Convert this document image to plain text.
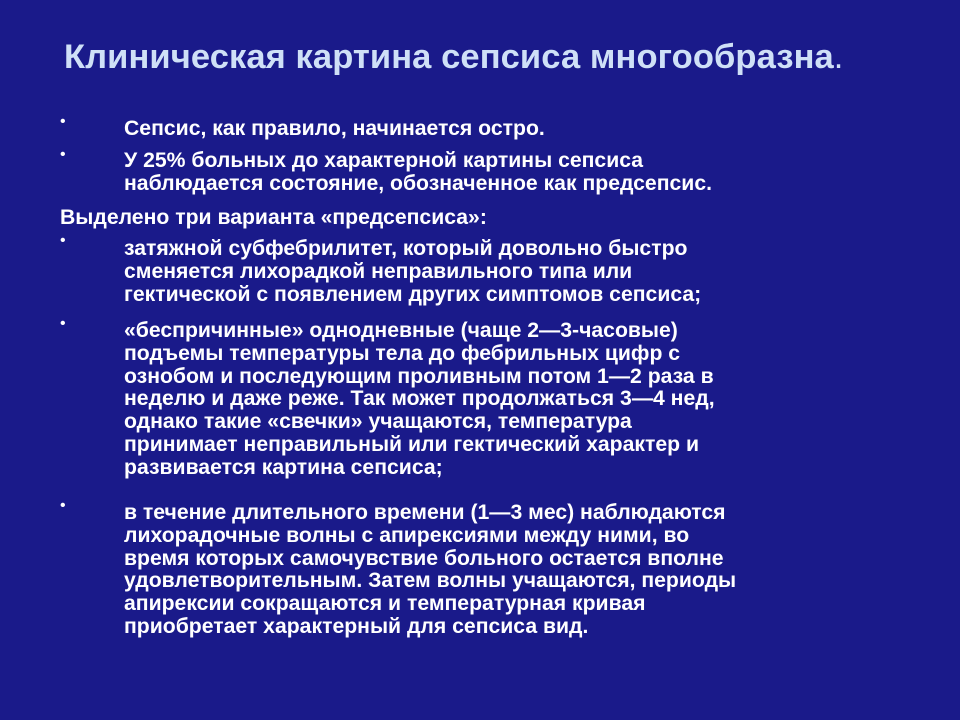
Клиническая картина сепсиса многообразна.
•	Сепсис, как правило, начинается остро.
•	У 25% больных до характерной картины сепсиса
наблюдается состояние, обозначенное как предсепсис.
Выделено три варианта «предсепсиса»:
•	затяжной субфебрилитет, который довольно быстро
сменяется лихорадкой неправильного типа или
гектической с появлением других симптомов сепсиса;
•	«беспричинные» однодневные (чаще 2—3-часовые)
подъемы температуры тела до фебрильных цифр с
ознобом и последующим проливным потом 1—2 раза в
неделю и даже реже. Так может продолжаться 3—4 нед,
однако такие «свечки» учащаются, температура
принимает неправильный или гектический характер и
развивается картина сепсиса;
•	в течение длительного времени (1—3 мес) наблюдаются
лихорадочные волны с апирексиями между ними, во
время которых самочувствие больного остается вполне
удовлетворительным. Затем волны учащаются, периоды
апирексии сокращаются и температурная кривая
приобретает характерный для сепсиса вид.
